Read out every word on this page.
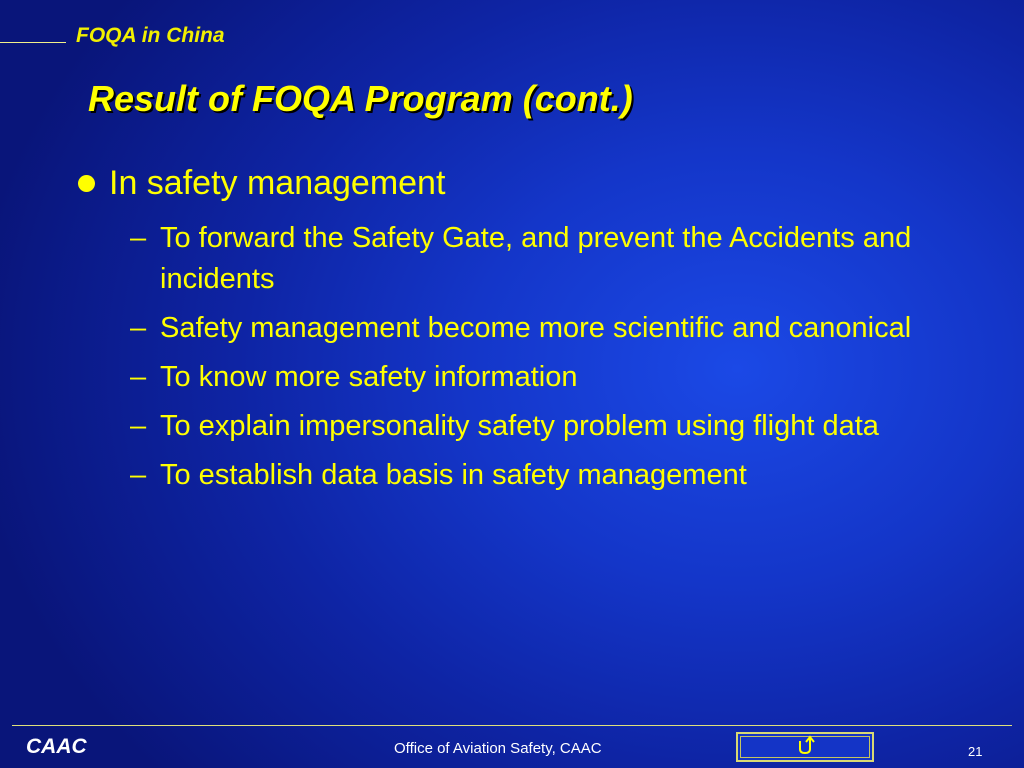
FOQA in China
Result of FOQA Program (cont.)
In safety management
– To forward the Safety Gate, and prevent the Accidents and incidents
– Safety management become more scientific and canonical
– To know more safety information
– To explain impersonality safety problem using flight data
– To establish data basis in safety management
CAAC	Office of Aviation Safety, CAAC	21
